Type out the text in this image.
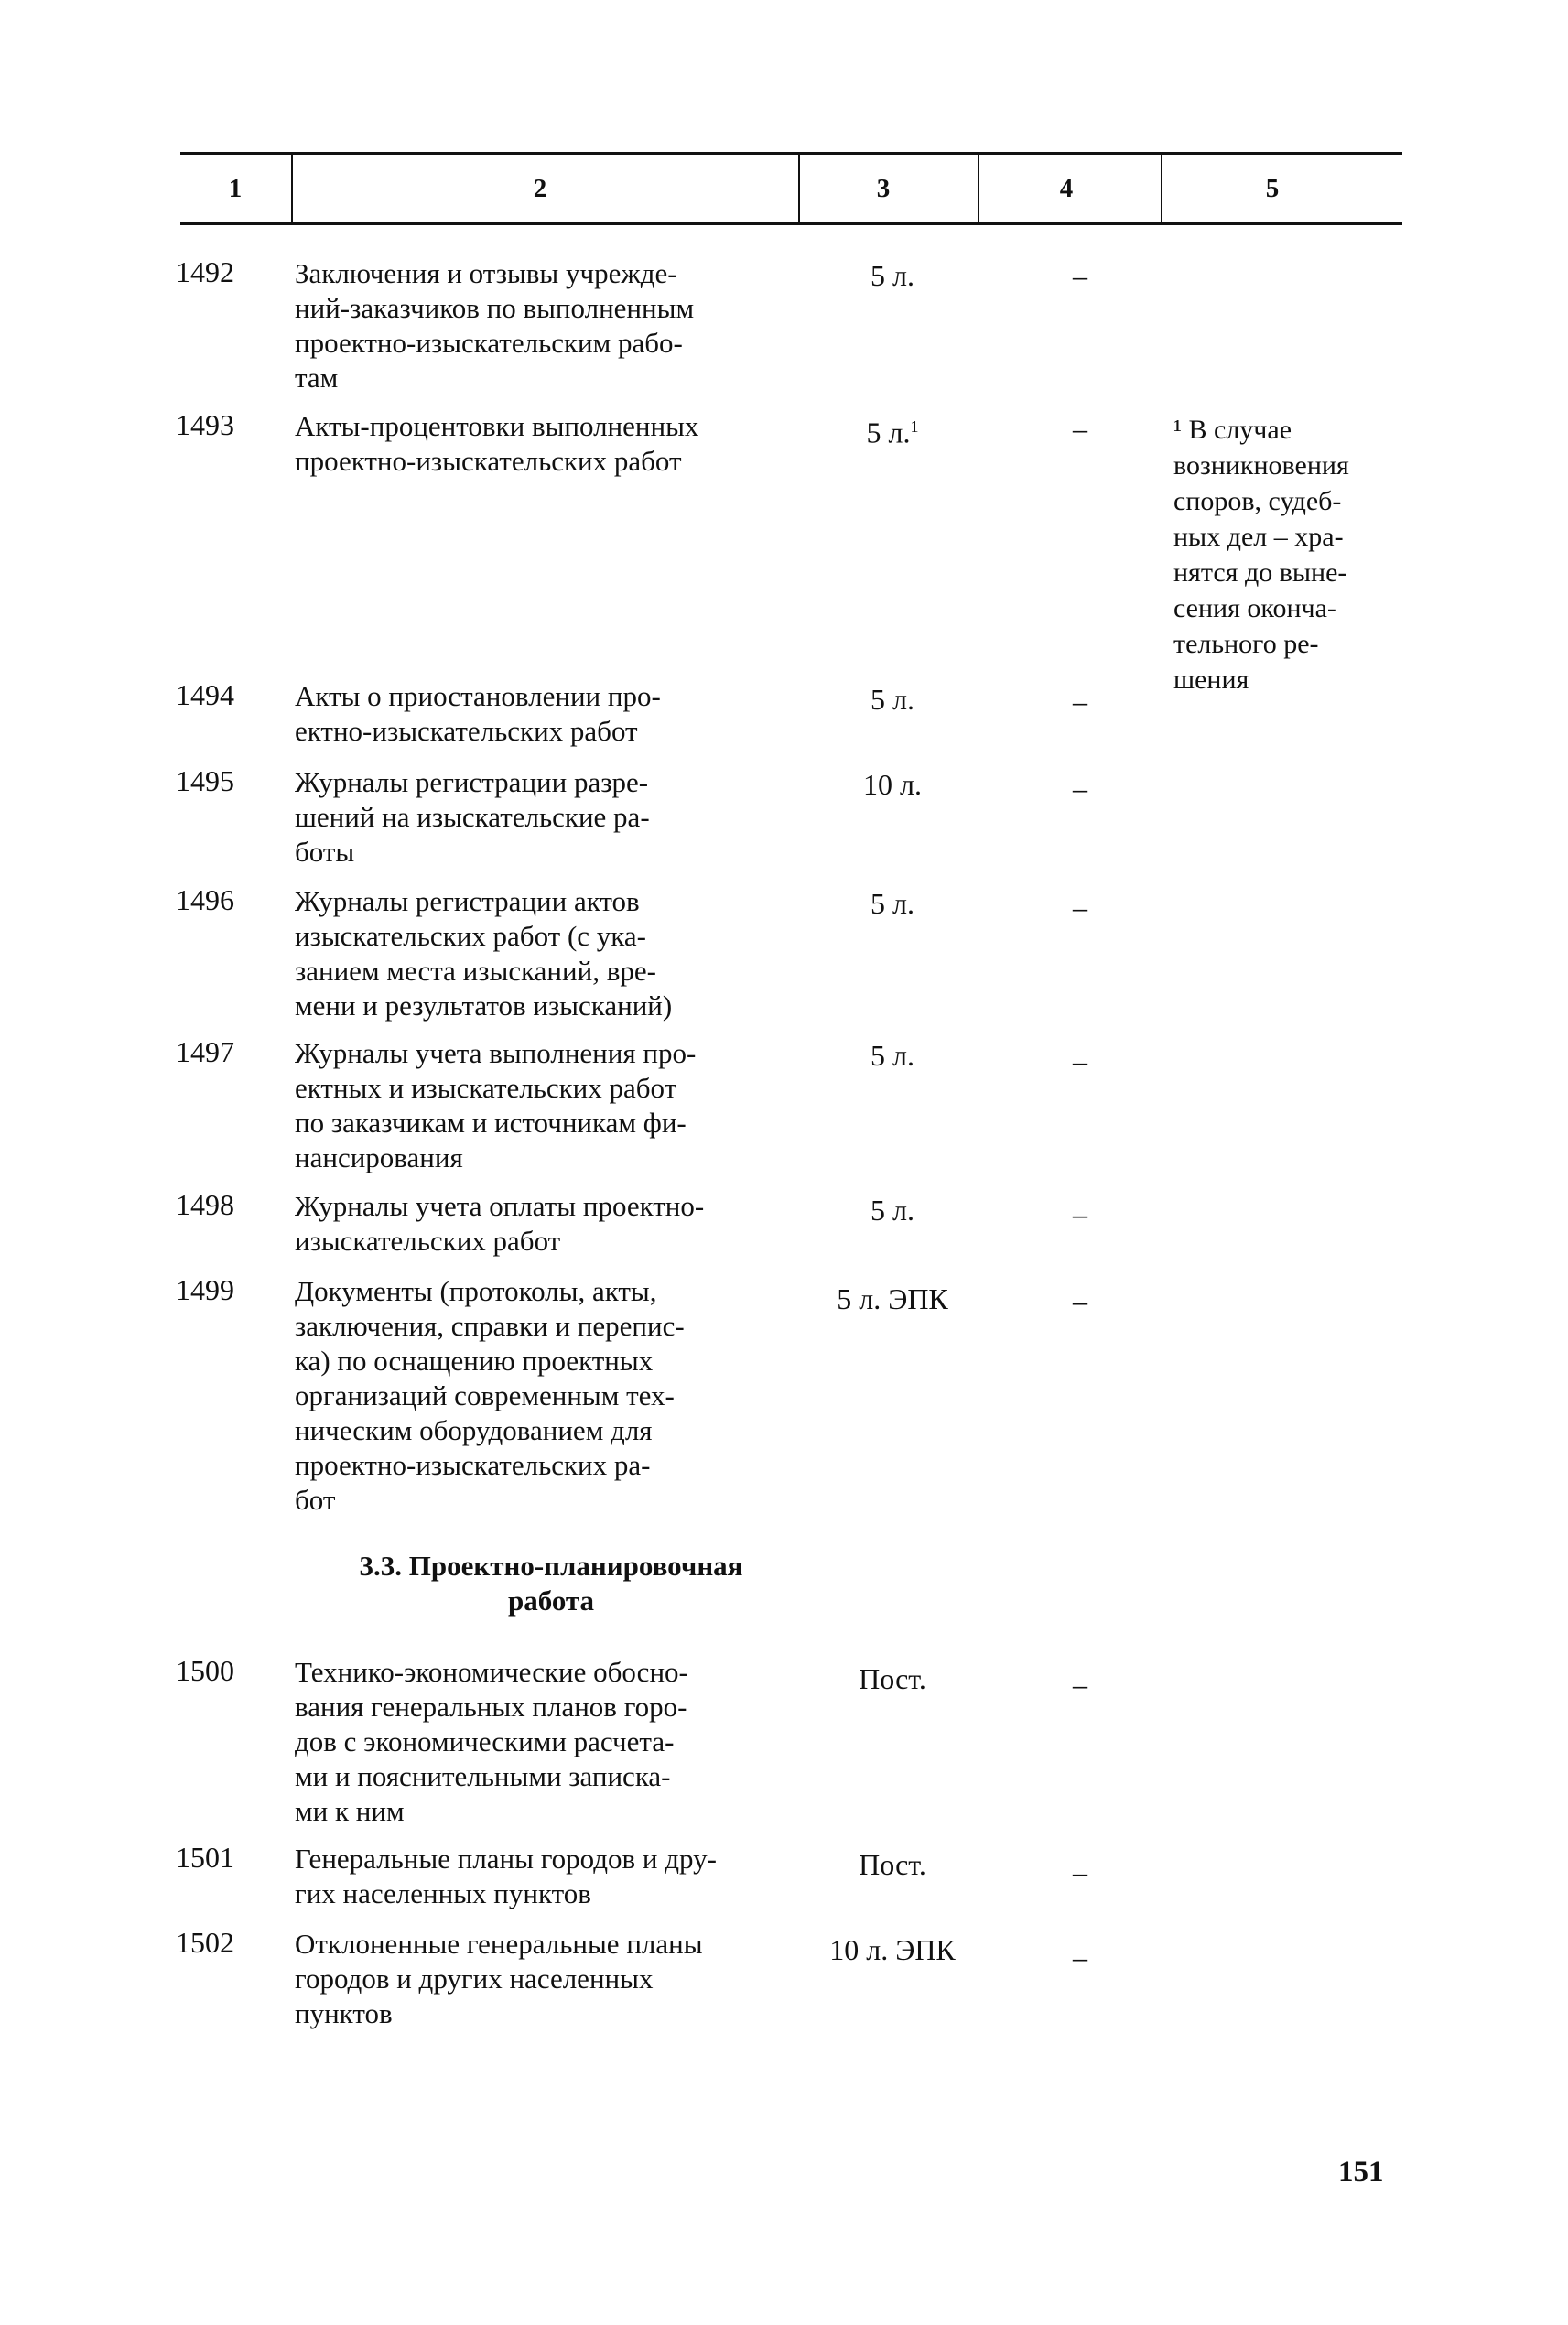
1	2	3	4	5
1492 Заключения и отзывы учрежде-
ний-заказчиков по выполненным
проектно-изыскательским рабо-
там
5 л.	–
1493 Акты-процентовки выполненных
проектно-изыскательских работ
5 л.$^1$	–	¹ В случае
возникновения
споров, судеб-
ных дел – хра-
нятся до выне-
сения оконча-
тельного ре-
шения
1494 Акты о приостановлении про-
ектно-изыскательских работ
5 л.	–
1495 Журналы регистрации разре-
шений на изыскательские ра-
боты
10 л.	–
1496 Журналы регистрации актов
изыскательских работ (с ука-
занием места изысканий, вре-
мени и результатов изысканий)
5 л.	–
1497 Журналы учета выполнения про-
ектных и изыскательских работ
по заказчикам и источникам фи-
нансирования
5 л.	–
1498 Журналы учета оплаты проектно-
изыскательских работ
5 л.	–
1499 Документы (протоколы, акты,
заключения, справки и перепис-
ка) по оснащению проектных
организаций современным тех-
ническим оборудованием для
проектно-изыскательских ра-
бот
5 л. ЭПК	–
3.3. Проектно-планировочная
работа
1500 Технико-экономические обосно-
вания генеральных планов горо-
дов с экономическими расчета-
ми и пояснительными записка-
ми к ним
Пост.	–
1501 Генеральные планы городов и дру-
гих населенных пунктов
Пост.	–
1502 Отклоненные генеральные планы
городов и других населенных
пунктов
10 л. ЭПК	–
151
